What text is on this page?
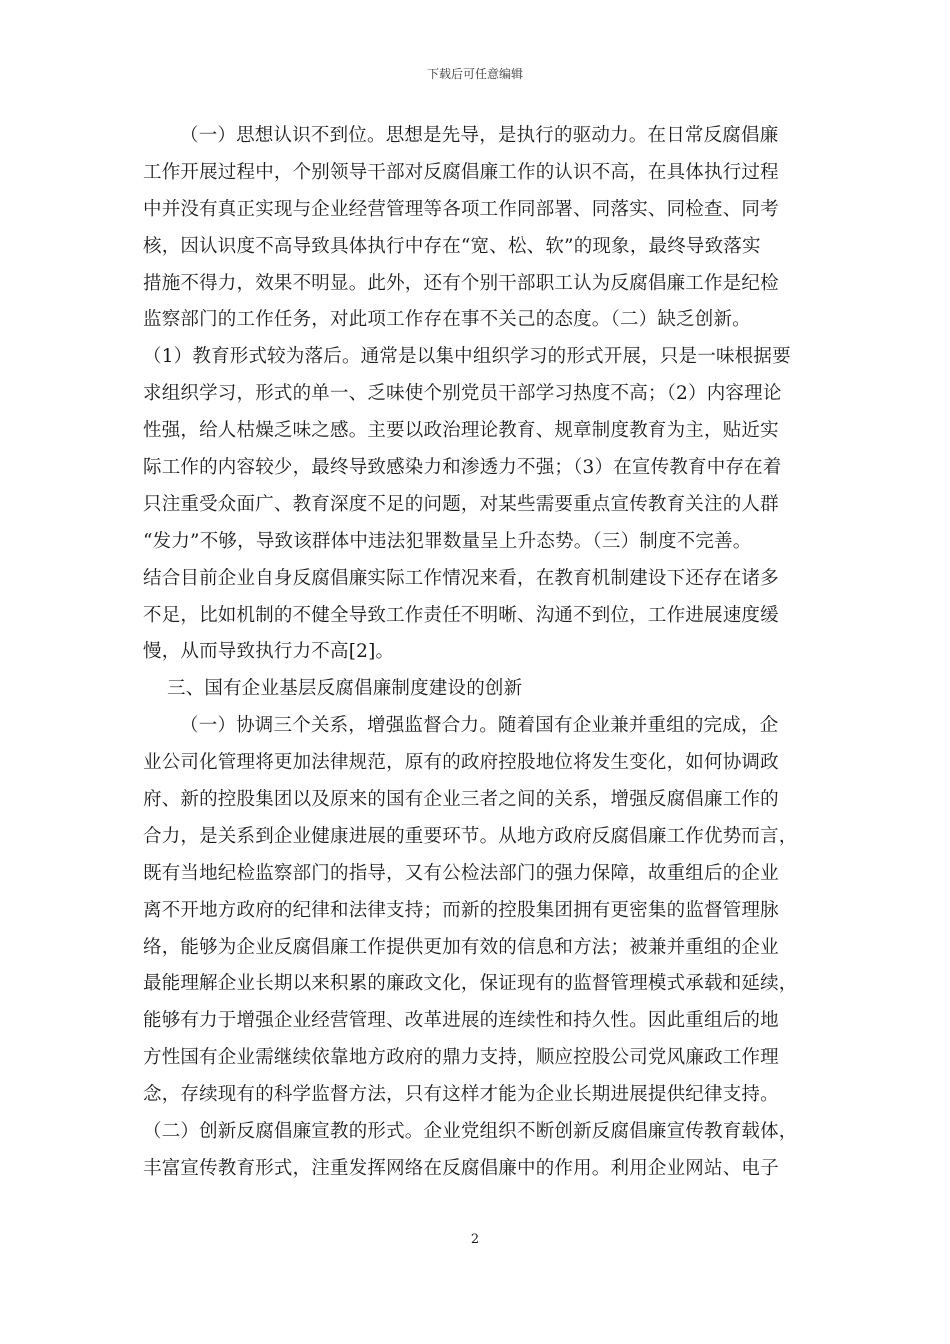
下载后可任意编辑
（一）思想认识不到位。思想是先导，是执行的驱动力。在日常反腐倡廉
工作开展过程中，个别领导干部对反腐倡廉工作的认识不高，在具体执行过程
中并没有真正实现与企业经营管理等各项工作同部署、同落实、同检查、同考
核，因认识度不高导致具体执行中存在“宽、松、软”的现象，最终导致落实
措施不得力，效果不明显。此外，还有个别干部职工认为反腐倡廉工作是纪检
监察部门的工作任务，对此项工作存在事不关己的态度。（二）缺乏创新。
（1）教育形式较为落后。通常是以集中组织学习的形式开展，只是一味根据要
求组织学习，形式的单一、乏味使个别党员干部学习热度不高；（2）内容理论
性强，给人枯燥乏味之感。主要以政治理论教育、规章制度教育为主，贴近实
际工作的内容较少，最终导致感染力和渗透力不强；（3）在宣传教育中存在着
只注重受众面广、教育深度不足的问题，对某些需要重点宣传教育关注的人群
“发力”不够，导致该群体中违法犯罪数量呈上升态势。（三）制度不完善。
结合目前企业自身反腐倡廉实际工作情况来看，在教育机制建设下还存在诸多
不足，比如机制的不健全导致工作责任不明晰、沟通不到位，工作进展速度缓
慢，从而导致执行力不高[2]。
三、国有企业基层反腐倡廉制度建设的创新
（一）协调三个关系，增强监督合力。随着国有企业兼并重组的完成，企
业公司化管理将更加法律规范，原有的政府控股地位将发生变化，如何协调政
府、新的控股集团以及原来的国有企业三者之间的关系，增强反腐倡廉工作的
合力，是关系到企业健康进展的重要环节。从地方政府反腐倡廉工作优势而言，
既有当地纪检监察部门的指导，又有公检法部门的强力保障，故重组后的企业
离不开地方政府的纪律和法律支持；而新的控股集团拥有更密集的监督管理脉
络，能够为企业反腐倡廉工作提供更加有效的信息和方法；被兼并重组的企业
最能理解企业长期以来积累的廉政文化，保证现有的监督管理模式承载和延续，
能够有力于增强企业经营管理、改革进展的连续性和持久性。因此重组后的地
方性国有企业需继续依靠地方政府的鼎力支持，顺应控股公司党风廉政工作理
念，存续现有的科学监督方法，只有这样才能为企业长期进展提供纪律支持。
（二）创新反腐倡廉宣教的形式。企业党组织不断创新反腐倡廉宣传教育载体，
丰富宣传教育形式，注重发挥网络在反腐倡廉中的作用。利用企业网站、电子
2
